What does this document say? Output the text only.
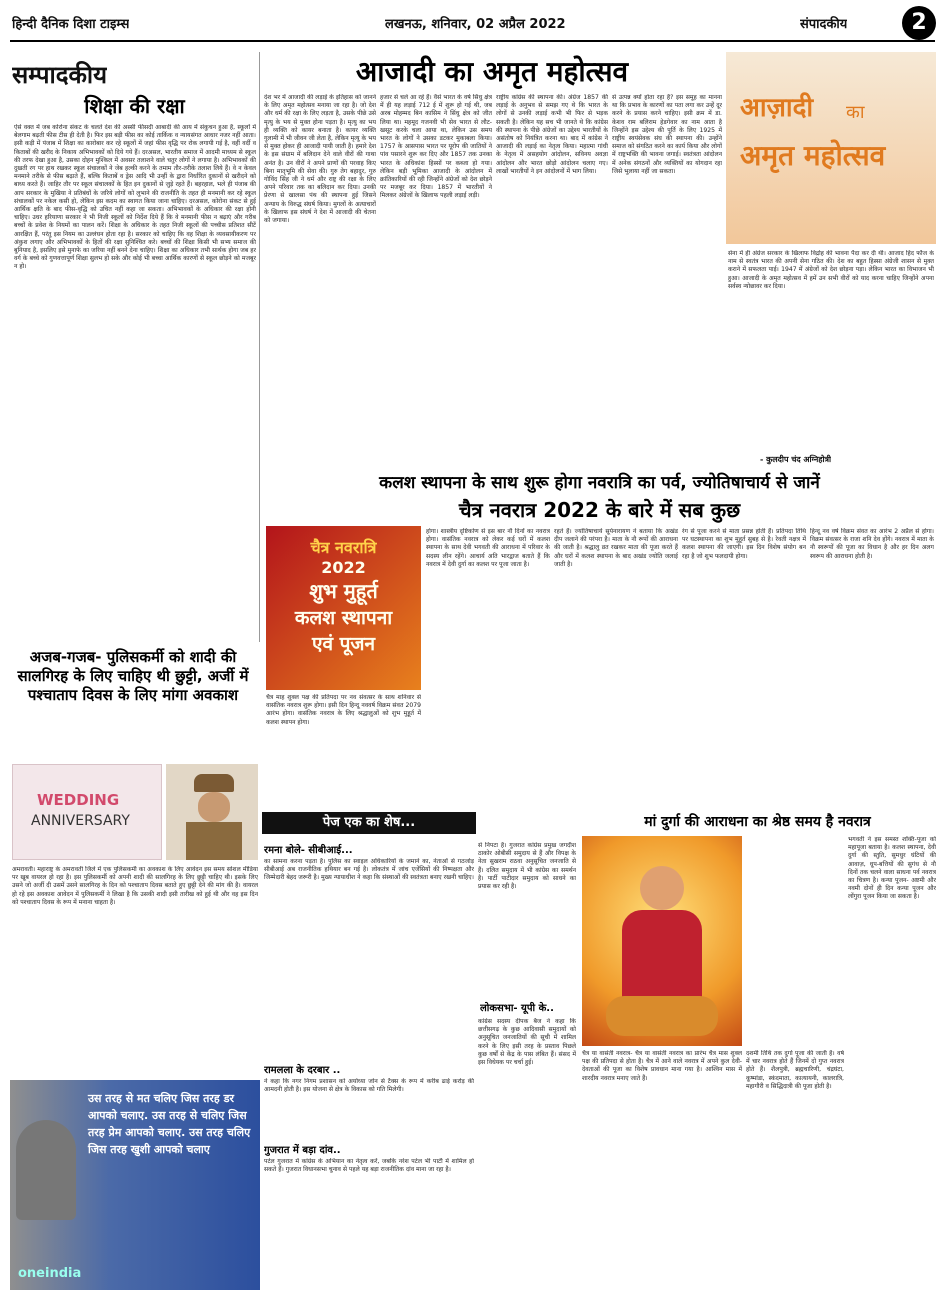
हिन्दी दैनिक दिशा टाइम्स	लखनऊ, शनिवार, 02 अप्रैल 2022	संपादकीय	2
सम्पादकीय
शिक्षा की रक्षा
ऐसे वक्त में जब कोरोना संकट के चलते देश की अस्सी फीसदी आबादी की आय में संकुचन हुआ है, स्कूलों में बेलगाम बढ़ती फीस टीस ही देती है। फिर इस बड़ी फीस का कोई तार्किक व न्यायसंगत आधार नजर नहीं आता। इसी कड़ी में पंजाब में शिक्षा का कारोबार कर रहे स्कूलों में जहां फीस वृद्धि पर रोक लगायी गई है, वहीं वर्दी व किताबों की खरीद के निकाय अभिभावकों को दिये गये हैं। दरअसल, भारतीय समाज में आदमी माध्यम से स्कूल की तरफ देखा हुआ है, उसका दोहन मुश्किल में अवसर तलाशने वाले चतुर लोगों ने लगाया है। अभिभावकों की दुखती रग पर हाथ रखकर स्कूल संचालकों ने जेब हल्की करने के तमाम तौर-तरीके तलाश लिये हैं। वे न केवल मनमाने तरीके से फीस बढ़ाते हैं, बल्कि किताबें व ड्रेस आदि भी उन्हीं के द्वारा निर्धारित दुकानों से खरीदने को बाध्य करते हैं। जाहिर तौर पर स्कूल संचालकों के हित इन दुकानों से जुड़े रहते हैं। बहरहाल, भले ही पंजाब की आप सरकार के मुखिया ने प्रतिबंधों के जरिये लोगों को लुभाने की राजनीति के तहत ही मनमानी कर रहे स्कूल संचालकों पर नकेल कसी हो, लेकिन इस कदम का स्वागत किया जाना चाहिए। दरअसल, कोरोना संकट से हुई आर्थिक क्षति के बाद फीस-वृद्धि को उचित नहीं कहा जा सकता। अभिभावकों के अधिकार की रक्षा होनी चाहिए। उधर हरियाणा सरकार ने भी निजी स्कूलों को निर्देश दिये हैं कि वे मनमानी फीस न बढ़ाएं और गरीब बच्चों के प्रवेश के नियमों का पालन करें। शिक्षा के अधिकार के तहत निजी स्कूलों की पच्चीस प्रतिशत सीटें आरक्षित हैं, परंतु इस नियम का उल्लंघन होता रहा है। सरकार को चाहिए कि वह शिक्षा के व्यवसायीकरण पर अंकुश लगाए और अभिभावकों के हितों की रक्षा सुनिश्चित करे। बच्चों की शिक्षा किसी भी सभ्य समाज की बुनियाद है, इसलिए इसे मुनाफे का जरिया नहीं बनने देना चाहिए। शिक्षा का अधिकार तभी सार्थक होगा जब हर वर्ग के बच्चे को गुणवत्तापूर्ण शिक्षा सुलभ हो सके और कोई भी बच्चा आर्थिक कारणों से स्कूल छोड़ने को मजबूर न हो।
आजादी का अमृत महोत्सव
देश भर में आजादी की लड़ाई के इतिहास को जानने के लिए अमृत महोत्सव मनाया जा रहा है। जो देश और धर्म की रक्षा के लिए लड़ता है, उसके पीछे उसे मृत्यु के भय से मुक्त होना पड़ता है। मृत्यु का भय ही व्यक्ति को कायर बनाता है। कायर व्यक्ति गुलामी में भी जीवन जी लेता है, लेकिन मृत्यु के भय से मुक्त होकर ही आजादी पायी जाती है। हमारे देश के इस संग्राम में बलिदान देने वाले वीरों की गाथा अनंत है। उन वीरों ने अपने प्राणों की परवाह किए बिना मातृभूमि की सेवा की। गुरु तेग बहादुर, गुरु गोविंद सिंह जी ने धर्म और राष्ट्र की रक्षा के लिए अपने परिवार तक का बलिदान कर दिया। उनकी प्रेरणा से खालसा पंथ की स्थापना हुई जिसने अन्याय के विरुद्ध संघर्ष किया। मुगलों के अत्याचारों के खिलाफ इस संघर्ष ने देश में आजादी की चेतना को जगाया।
हजार से चले आ रहे हैं। वैसे भारत के वर्ष सिंधु क्षेत्र में ही यह लड़ाई 712 ई में शुरू हो गई थी, जब अरब मोहम्मद बिन कासिम ने सिंधु क्षेत्र को जीत लिया था। महमूद गजनवी भी सेव भारत से लौट-खसूट करके चला आया था, लेकिन उस समय भारत के लोगों ने उसका डटकर मुकाबला किया। 1757 के आसपास भारत पर यूरोप की जातियों ने पांव पसारने शुरू कर दिए और 1857 तक उनका भारत के अधिकांश हिस्सों पर कब्जा हो गया। लेकिन बड़ी भूमिका आजादी के आंदोलन में क्रांतिकारियों की रही जिन्होंने अंग्रेजों को देश छोड़ने पर मजबूर कर दिया। 1857 में भारतीयों ने मिलकर अंग्रेजों के खिलाफ पहली लड़ाई लड़ी।
राष्ट्रीय कांग्रेस की स्थापना की। अंग्रेज 1857 की लड़ाई के अनुभव से समझ गए थे कि भारत के लोगों से उनकी लड़ाई कभी भी फिर से भड़क सकती है। लेकिन यह सच भी जानते थे कि कांग्रेस की स्थापना के पीछे अंग्रेजों का उद्देश्य भारतीयों के असंतोष को नियंत्रित करना था। बाद में कांग्रेस ने आजादी की लड़ाई का नेतृत्व किया। महात्मा गांधी के नेतृत्व में असहयोग आंदोलन, सविनय अवज्ञा आंदोलन और भारत छोड़ो आंदोलन चलाए गए। लाखों भारतीयों ने इन आंदोलनों में भाग लिया।
से उत्पन्न क्यों होता रहा है? इस समूह का मानना था कि प्रभाव के कारणों का पता लगा कर उन्हें दूर करने के प्रयास करने चाहिए। इसी क्रम में डा. केशव राम बलिराम हेडगेवार का नाम आता है जिन्होंने इस उद्देश्य की पूर्ति के लिए 1925 में राष्ट्रीय स्वयंसेवक संघ की स्थापना की। उन्होंने समाज को संगठित करने का कार्य किया और लोगों में राष्ट्रभक्ति की भावना जगाई। स्वतंत्रता आंदोलन में अनेक संगठनों और व्यक्तियों का योगदान रहा जिसे भुलाया नहीं जा सकता।
आज़ादी का
अमृत महोत्सव
सेना में ही अंग्रेज सरकार के खिलाफ विद्रोह की भावना पैदा कर दी थी। आजाद हिंद फौज के नाम से स्वतंत्र भारत की अपनी सेना गठित की। देश का बहुत हिस्सा अंग्रेजी शासन से मुक्त कराने में सफलता पाई। 1947 में अंग्रेजों को देश छोड़ना पड़ा। लेकिन भारत का विभाजन भी हुआ। आजादी के अमृत महोत्सव में हमें उन सभी वीरों को याद करना चाहिए जिन्होंने अपना सर्वस्व न्योछावर कर दिया।
- कुलदीप चंद अग्निहोत्री
कलश स्थापना के साथ शुरू होगा नवरात्रि का पर्व, ज्योतिषाचार्य से जानें
चैत्र नवरात्र 2022 के बारे में सब कुछ
चैत्र नवरात्रि
2022
शुभ मुहूर्त
कलश स्थापना
एवं पूजन
चैत्र माह शुक्ल पक्ष की प्रतिपदा पर नव संवत्सर के साथ शनिवार से वासंतिक नवरात्र शुरू होगा। इसी दिन हिन्दू नववर्ष विक्रम संवत 2079 आरंभ होगा। वासंतिक नवरात्र के लिए श्रद्धालुओं को शुभ मुहूर्त में कलश स्थापन होगा।
होगा। शास्त्रीय दृष्टिकोण से इस बार नौ दिनों का नवरात्र होगा। वासंतिक नवरात्र को लेकर कई घरों में कलश स्थापना के साथ देवी भगवती की आराधना में परिवार के सदस्य लीन रहेंगे। आचार्य अति भारद्वाज बताते हैं कि नवरात्र में देवी दुर्गा का कलश पर पूजा जाता है।
रहते हैं। ज्योतिषाचार्य सूर्यनारायण ने बताया कि अखंड दीप जलाने की परंपरा है। माता के नौ रूपों की आराधना की जाती है। श्रद्धालु व्रत रखकर माता की पूजा करते हैं और घरों में कलश स्थापना के बाद अखंड ज्योति जलाई जाती है।
रंग से पूजा करने से माता प्रसन्न होती हैं। प्रतिपदा तिथि पर घटस्थापना का शुभ मुहूर्त सुबह से है। रेवती नक्षत्र में कलश स्थापना की जाएगी। इस दिन विशेष संयोग बन रहा है जो शुभ फलदायी होगा।
हिन्दू नव वर्ष विक्रम संवत का आरंभ 2 अप्रैल से होगा। विक्रम संवत्सर के राजा शनि देव होंगे। नवरात्र में माता के नौ स्वरूपों की पूजा का विधान है और हर दिन अलग स्वरूप की आराधना होती है।
अजब-गजब- पुलिसकर्मी को शादी की सालगिरह के लिए चाहिए थी छुट्टी, अर्जी में पश्चाताप दिवस के लिए मांगा अवकाश
WEDDING
ANNIVERSARY
अमरावती। महाराष्ट्र के अमरावती जिले में एक पुलिसकर्मी का अवकाश के लिए आवेदन इस समय सोशल मीडिया पर खूब वायरल हो रहा है। इस पुलिसकर्मी को अपनी शादी की सालगिरह के लिए छुट्टी चाहिए थी। इसके लिए उसने जो अर्जी दी उसमें उसने सालगिरह के दिन को पश्चाताप दिवस बताते हुए छुट्टी देने की मांग की है। वायरल हो रहे इस अवकाश आवेदन में पुलिसकर्मी ने लिखा है कि उसकी शादी इसी तारीख को हुई थी और वह इस दिन को पश्चाताप दिवस के रूप में मनाना चाहता है।
उस तरह से मत चलिए जिस तरह डर आपको चलाए. उस तरह से चलिए जिस तरह प्रेम आपको चलाए. उस तरह चलिए जिस तरह खुशी आपको चलाए
oneindia
पेज एक का शेष...
रमना बोले- सीबीआई...
का सामना करना पड़ता है। पुलिस का स्वाइल अधिकारियों के जमाने का, नेताओं से गठजोड़ सीबीआई अब राजनीतिक हथियार बन गई है। लोकतंत्र में जांच एजेंसियों की निष्पक्षता और जिम्मेदारी बेहद जरूरी है। मुख्य न्यायाधीश ने कहा कि संस्थाओं की स्वतंत्रता बनाए रखनी चाहिए।
रामलला के दरबार ..
ने कहा कि नगर निगम प्रशासन को अयोध्या जोन से टैक्स के रूप में करीब ढाई करोड़ की आमदनी होती है। इस योजना से क्षेत्र के विकास को गति मिलेगी।
गुजरात में बड़ा दांव..
पटेल गुजरात में कांग्रेस के अभियान का नेतृत्व करें, जबकि नरेश पटेल भी पार्टी में शामिल हो सकते हैं। गुजरात विधानसभा चुनाव से पहले यह बड़ा राजनीतिक दांव माना जा रहा है।
से निपटा है। गुजरात कांग्रेस प्रमुख जगदीश ठाकोर ओबीसी समुदाय से हैं और विपक्ष के नेता सुखराम राठवा अनुसूचित जनजाति से हैं। दलित समुदाय में भी कांग्रेस का समर्थन है। पार्टी पाटीदार समुदाय को साधने का प्रयास कर रही है।
लोकसभा- यूपी के..
कांग्रेस सदस्य दीपक बैज ने कहा कि छत्तीसगढ़ के कुछ आदिवासी समुदायों को अनुसूचित जनजातियों की सूची में शामिल करने के लिए इसी तरह के प्रस्ताव पिछले कुछ वर्षों से केंद्र के पास लंबित हैं। संसद में इस विधेयक पर चर्चा हुई।
मां दुर्गा की आराधना का श्रेष्ठ समय है नवरात्र
चैत्र या वासंती नवरात्र- चैत्र या वासंती नवरात्र का प्रारंभ चैत्र मास शुक्ल पक्ष की प्रतिपदा से होता है। चैत्र में आने वाले नवरात्र में अपने कुल देवी-देवताओं की पूजा का विशेष प्रावधान माना गया है। आश्विन मास में शारदीय नवरात्र मनाए जाते हैं।
दशमी तिथि तक दुर्गा पूजा की जाती है। वर्ष में चार नवरात्र होते हैं जिनमें दो गुप्त नवरात्र होते हैं। शैलपुत्री, ब्रह्मचारिणी, चंद्रघंटा, कूष्मांडा, स्कंदमाता, कात्यायनी, कालरात्रि, महागौरी व सिद्धिदात्री की पूजा होती है।
भगवती ने इस समस्त शक्ति-पूजा को महापूजा बताया है। कलश स्थापना, देवी दुर्गा की स्तुति, सुमधुर घंटियों की आवाज़, धूप-बत्तियों की सुगंध से नौ दिनों तक चलने वाला साधना पर्व नवरात्र का चित्रण है। कन्या पूजन- अष्टमी और नवमी दोनों ही दिन कन्या पूजन और लोंगुरा पूजन किया जा सकता है।
